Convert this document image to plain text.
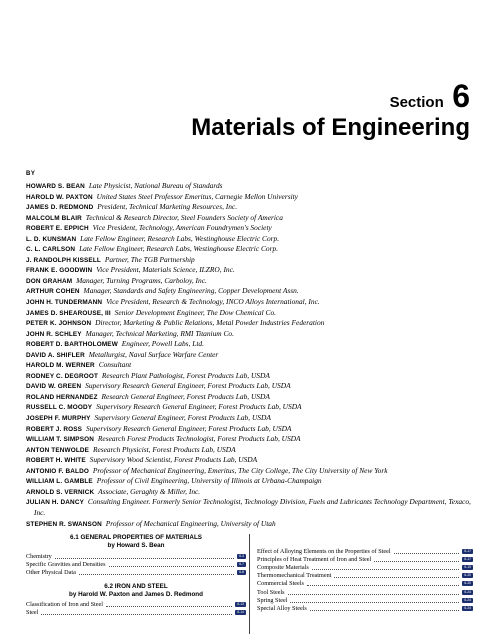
Section 6
Materials of Engineering
BY
HOWARD S. BEAN Late Physicist, National Bureau of Standards
HAROLD W. PAXTON United States Steel Professor Emeritus, Carnegie Mellon University
JAMES D. REDMOND President, Technical Marketing Resources, Inc.
MALCOLM BLAIR Technical & Research Director, Steel Founders Society of America
ROBERT E. EPPICH Vice President, Technology, American Foundrymen's Society
L. D. KUNSMAN Late Fellow Engineer, Research Labs, Westinghouse Electric Corp.
C. L. CARLSON Late Fellow Engineer, Research Labs, Westinghouse Electric Corp.
J. RANDOLPH KISSELL Partner, The TGB Partnership
FRANK E. GOODWIN Vice President, Materials Science, ILZRO, Inc.
DON GRAHAM Manager, Turning Programs, Carboloy, Inc.
ARTHUR COHEN Manager, Standards and Safety Engineering, Copper Development Assn.
JOHN H. TUNDERMANN Vice President, Research & Technology, INCO Alloys International, Inc.
JAMES D. SHEAROUSE, III Senior Development Engineer, The Dow Chemical Co.
PETER K. JOHNSON Director, Marketing & Public Relations, Metal Powder Industries Federation
JOHN R. SCHLEY Manager, Technical Marketing, RMI Titanium Co.
ROBERT D. BARTHOLOMEW Engineer, Powell Labs, Ltd.
DAVID A. SHIFLER Metallurgist, Naval Surface Warfare Center
HAROLD M. WERNER Consultant
RODNEY C. DEGROOT Research Plant Pathologist, Forest Products Lab, USDA
DAVID W. GREEN Supervisory Research General Engineer, Forest Products Lab, USDA
ROLAND HERNANDEZ Research General Engineer, Forest Products Lab, USDA
RUSSELL C. MOODY Supervisory Research General Engineer, Forest Products Lab, USDA
JOSEPH F. MURPHY Supervisory General Engineer, Forest Products Lab, USDA
ROBERT J. ROSS Supervisory Research General Engineer, Forest Products Lab, USDA
WILLIAM T. SIMPSON Research Forest Products Technologist, Forest Products Lab, USDA
ANTON TENWOLDE Research Physicist, Forest Products Lab, USDA
ROBERT H. WHITE Supervisory Wood Scientist, Forest Products Lab, USDA
ANTONIO F. BALDO Professor of Mechanical Engineering, Emeritus, The City College, The City University of New York
WILLIAM L. GAMBLE Professor of Civil Engineering, University of Illinois at Urbana-Champaign
ARNOLD S. VERNICK Associate, Geraghty & Miller, Inc.
JULIAN H. DANCY Consulting Engineer. Formerly Senior Technologist, Technology Division, Fuels and Lubricants Technology Department, Texaco, Inc.
STEPHEN R. SWANSON Professor of Mechanical Engineering, University of Utah
6.1 GENERAL PROPERTIES OF MATERIALS
by Howard S. Bean
Chemistry	6-3
Specific Gravities and Densities	6-7
Other Physical Data	6-8
6.2 IRON AND STEEL
by Harold W. Paxton and James D. Redmond
Classification of Iron and Steel	6-13
Steel	6-14
Effect of Alloying Elements on the Properties of Steel	6-17
Principles of Heat Treatment of Iron and Steel	6-17
Composite Materials	6-19
Thermomechanical Treatment	6-20
Commercial Steels	6-20
Tool Steels	6-24
Spring Steel	6-24
Special Alloy Steels	6-24
